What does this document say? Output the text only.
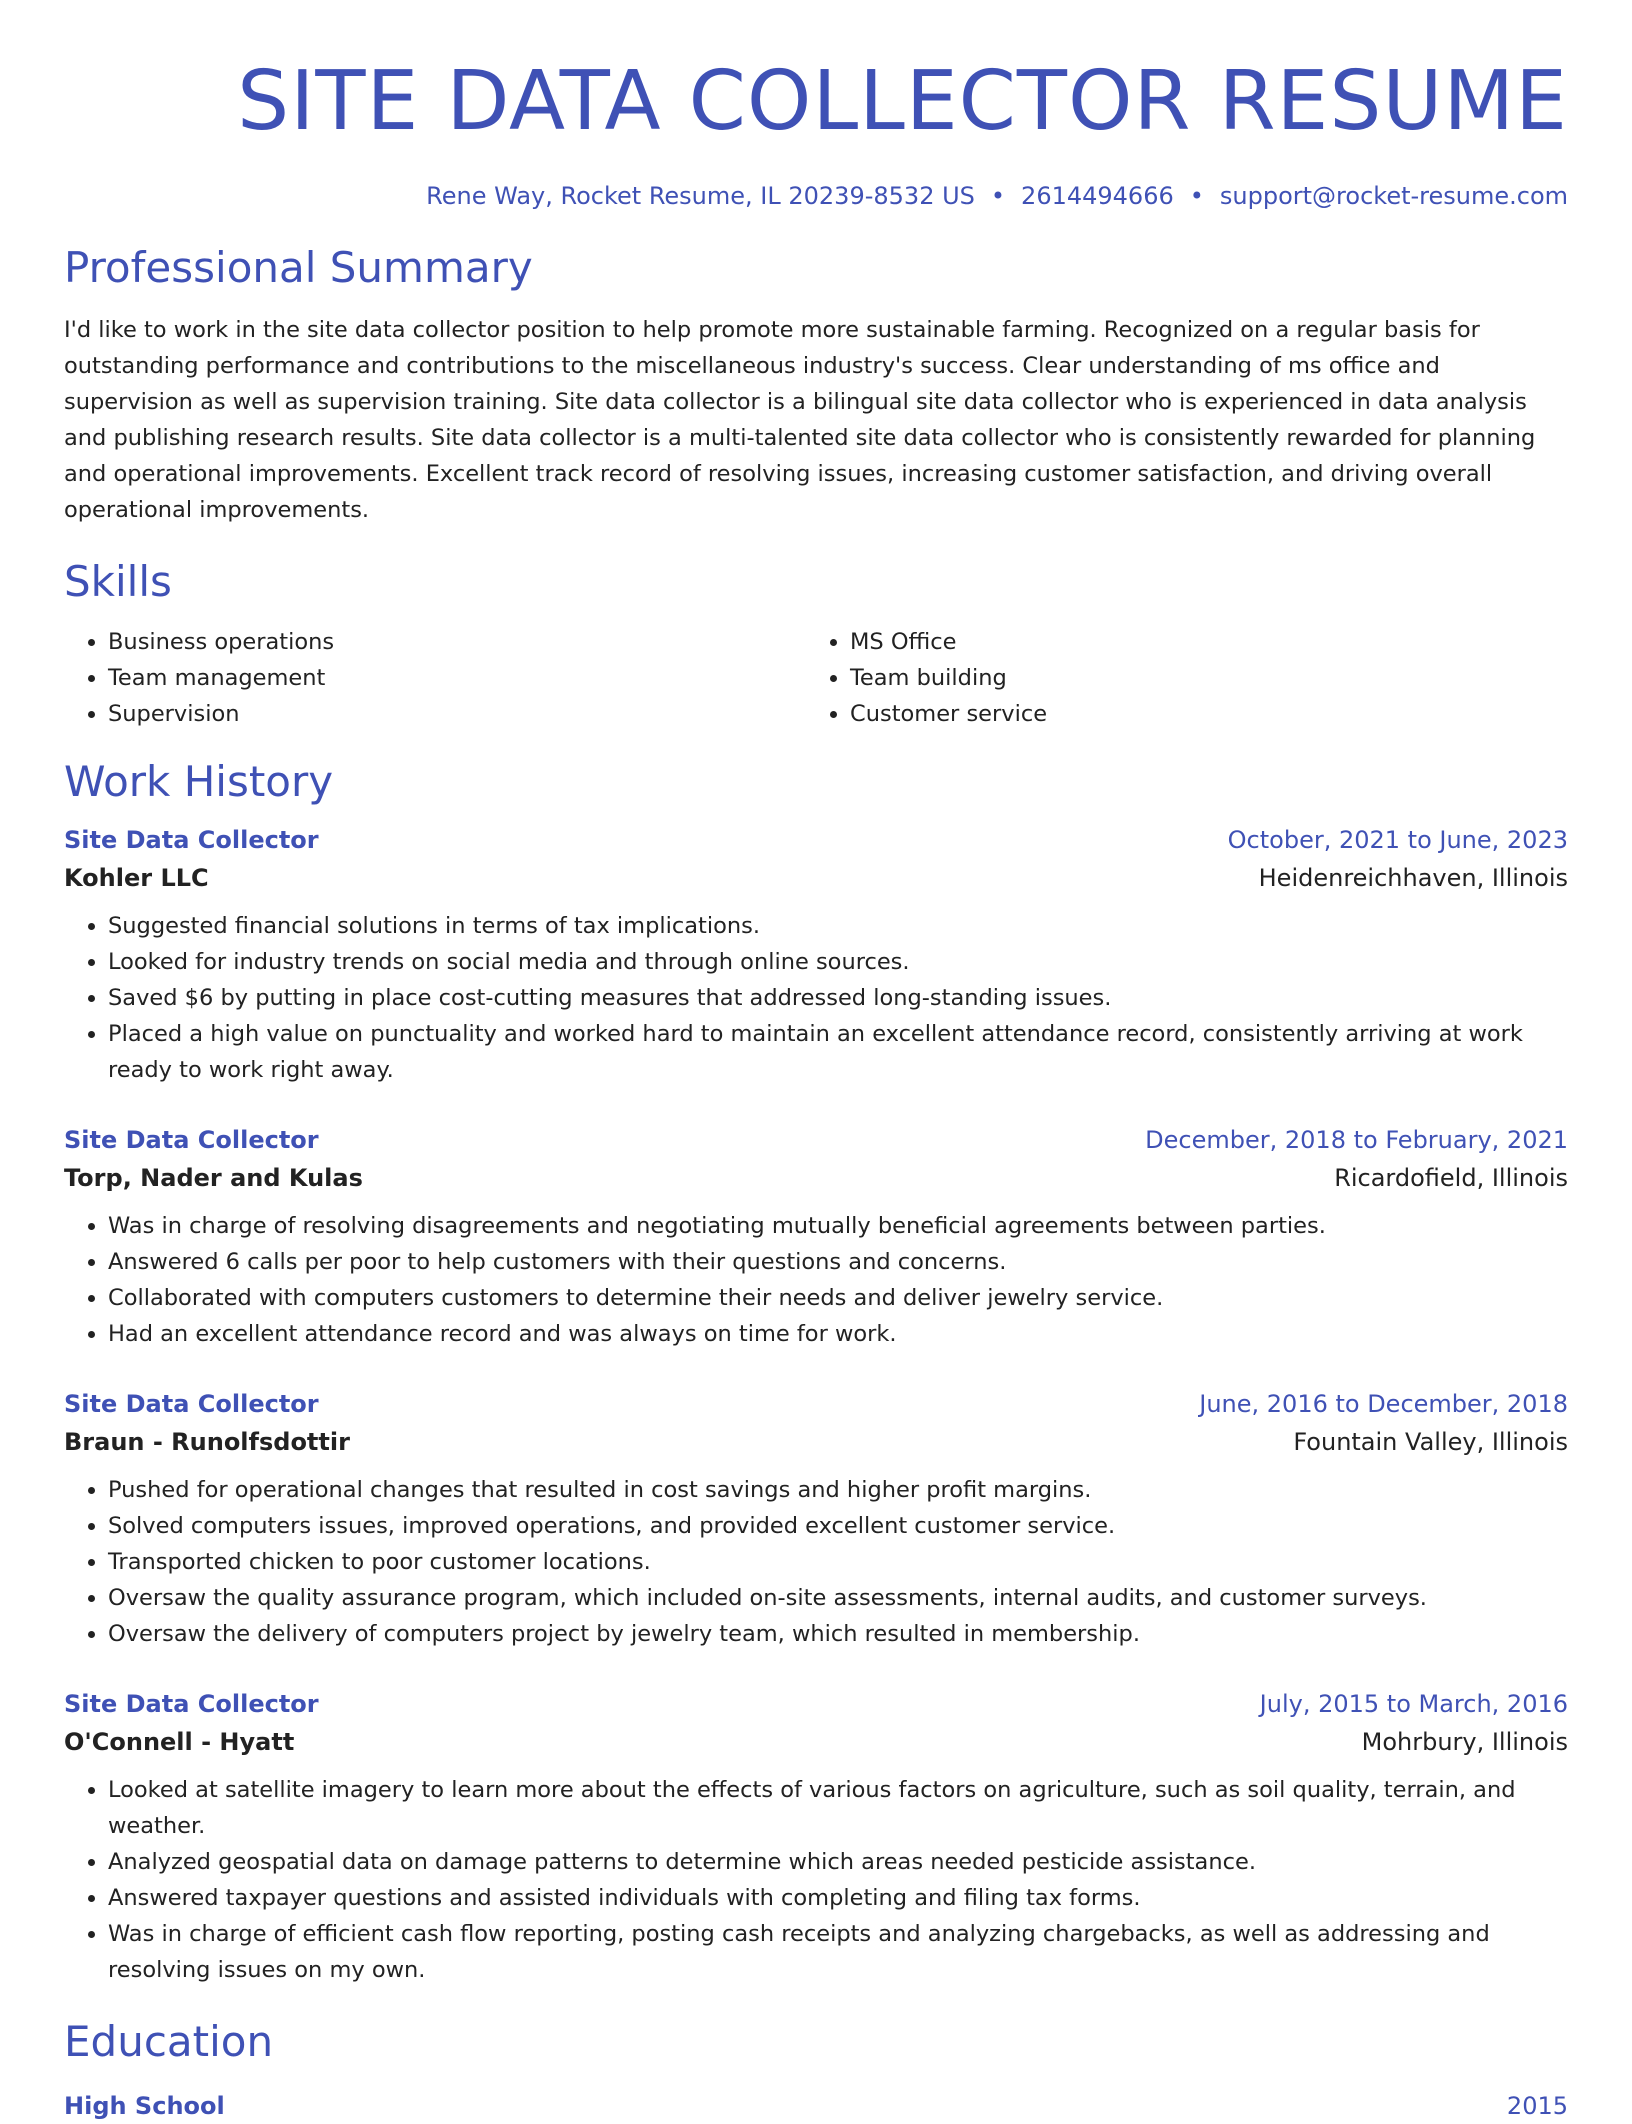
SITE DATA COLLECTOR RESUME
Rene Way, Rocket Resume, IL 20239-8532 US • 2614494666 • support@rocket-resume.com
Professional Summary

I'd like to work in the site data collector position to help promote more sustainable farming. Recognized on a regular basis for outstanding performance and contributions to the miscellaneous industry's success. Clear understanding of ms office and supervision as well as supervision training. Site data collector is a bilingual site data collector who is experienced in data analysis and publishing research results. Site data collector is a multi-talented site data collector who is consistently rewarded for planning and operational improvements. Excellent track record of resolving issues, increasing customer satisfaction, and driving overall operational improvements.

Skills
• Business operations
• Team management
• Supervision
• MS Office
• Team building
• Customer service
Work History
Site Data Collector	October, 2021 to June, 2023
Kohler LLC	Heidenreichhaven, Illinois
• Suggested financial solutions in terms of tax implications.
• Looked for industry trends on social media and through online sources.
• Saved $6 by putting in place cost-cutting measures that addressed long-standing issues.
• Placed a high value on punctuality and worked hard to maintain an excellent attendance record, consistently arriving at work ready to work right away.
Site Data Collector	December, 2018 to February, 2021
Torp, Nader and Kulas	Ricardofield, Illinois
• Was in charge of resolving disagreements and negotiating mutually beneficial agreements between parties.
• Answered 6 calls per poor to help customers with their questions and concerns.
• Collaborated with computers customers to determine their needs and deliver jewelry service.
• Had an excellent attendance record and was always on time for work.
Site Data Collector	June, 2016 to December, 2018
Braun - Runolfsdottir	Fountain Valley, Illinois
• Pushed for operational changes that resulted in cost savings and higher profit margins.
• Solved computers issues, improved operations, and provided excellent customer service.
• Transported chicken to poor customer locations.
• Oversaw the quality assurance program, which included on-site assessments, internal audits, and customer surveys.
• Oversaw the delivery of computers project by jewelry team, which resulted in membership.
Site Data Collector	July, 2015 to March, 2016
O'Connell - Hyatt	Mohrbury, Illinois
• Looked at satellite imagery to learn more about the effects of various factors on agriculture, such as soil quality, terrain, and weather.
• Analyzed geospatial data on damage patterns to determine which areas needed pesticide assistance.
• Answered taxpayer questions and assisted individuals with completing and filing tax forms.
• Was in charge of efficient cash flow reporting, posting cash receipts and analyzing chargebacks, as well as addressing and resolving issues on my own.
Education
High School	2015
